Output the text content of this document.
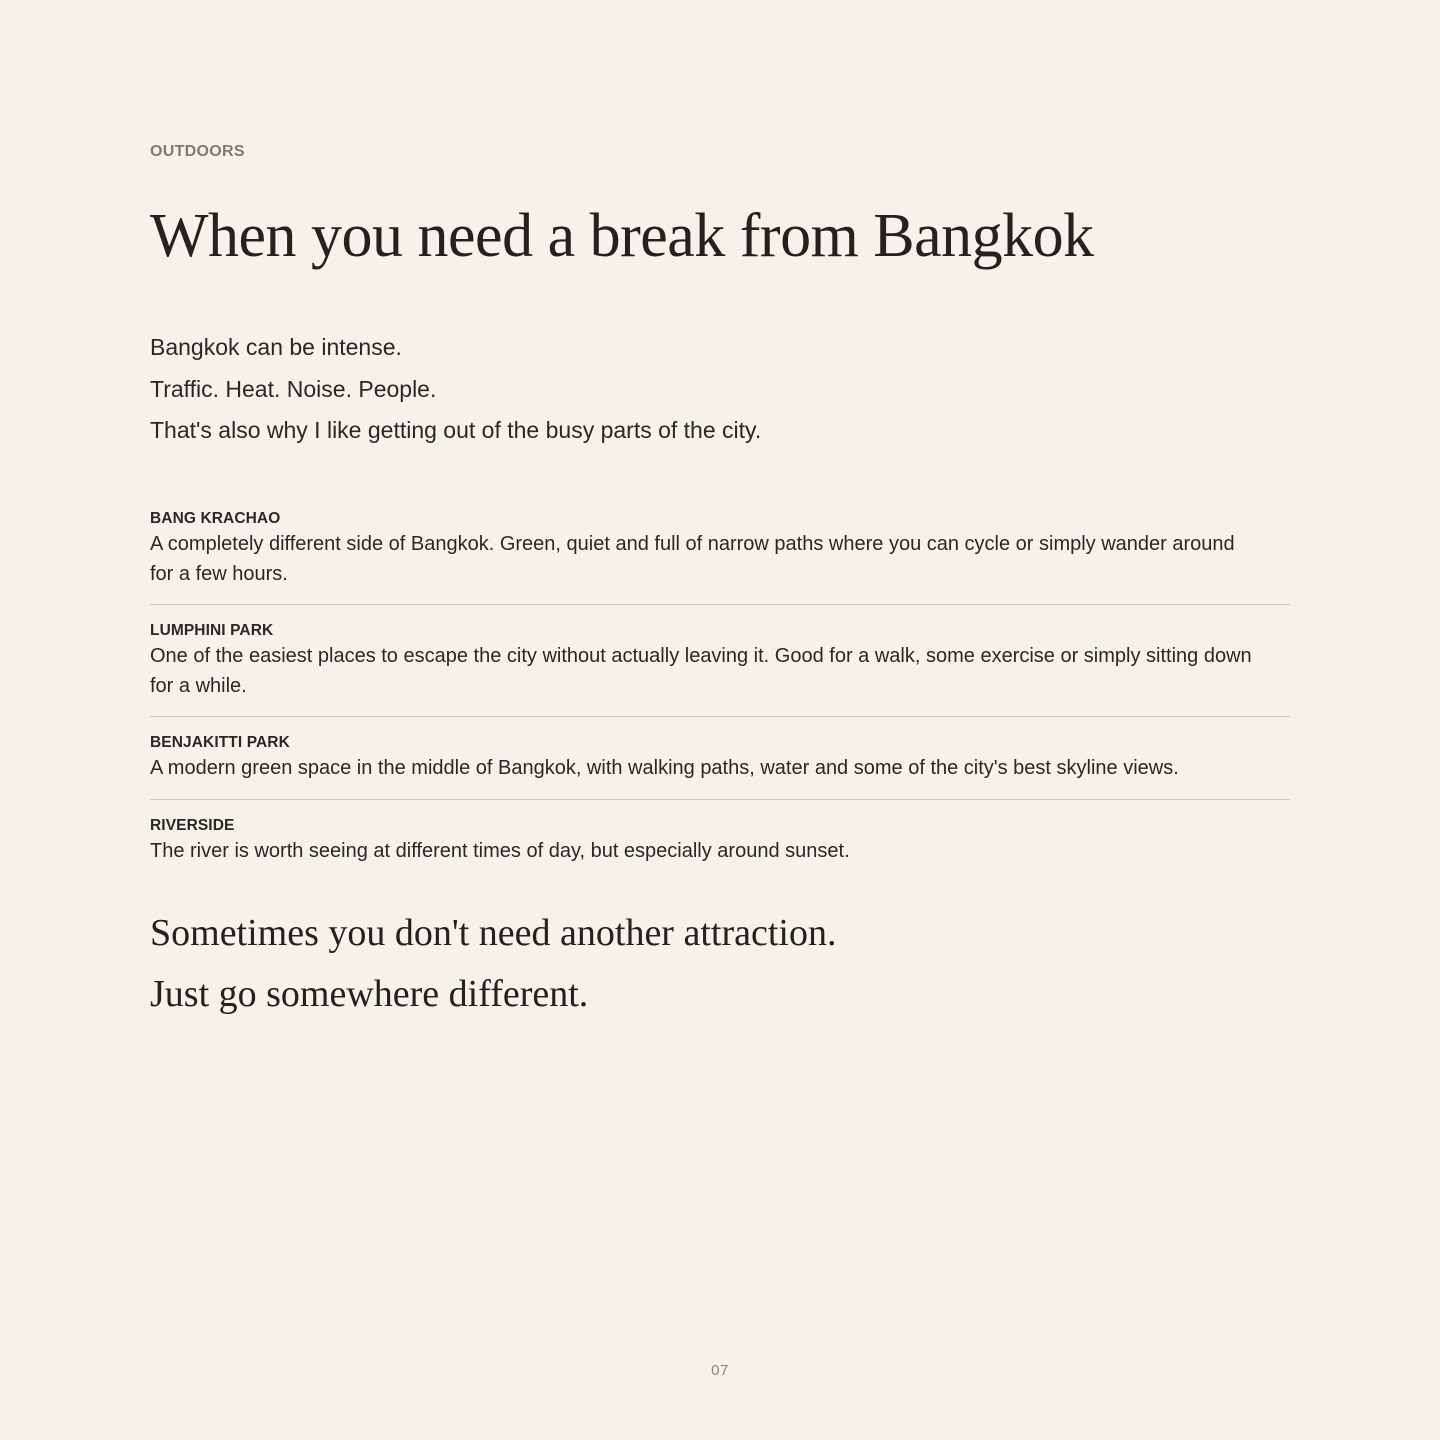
OUTDOORS
When you need a break from Bangkok

Bangkok can be intense.

Traffic. Heat. Noise. People.

That's also why I like getting out of the busy parts of the city.

BANG KRACHAO

A completely different side of Bangkok. Green, quiet and full of narrow paths where you can cycle or simply wander around for a few hours.

LUMPHINI PARK

One of the easiest places to escape the city without actually leaving it. Good for a walk, some exercise or simply sitting down for a while.

BENJAKITTI PARK

A modern green space in the middle of Bangkok, with walking paths, water and some of the city's best skyline views.

RIVERSIDE

The river is worth seeing at different times of day, but especially around sunset.

Sometimes you don't need another attraction.

Just go somewhere different.

07
